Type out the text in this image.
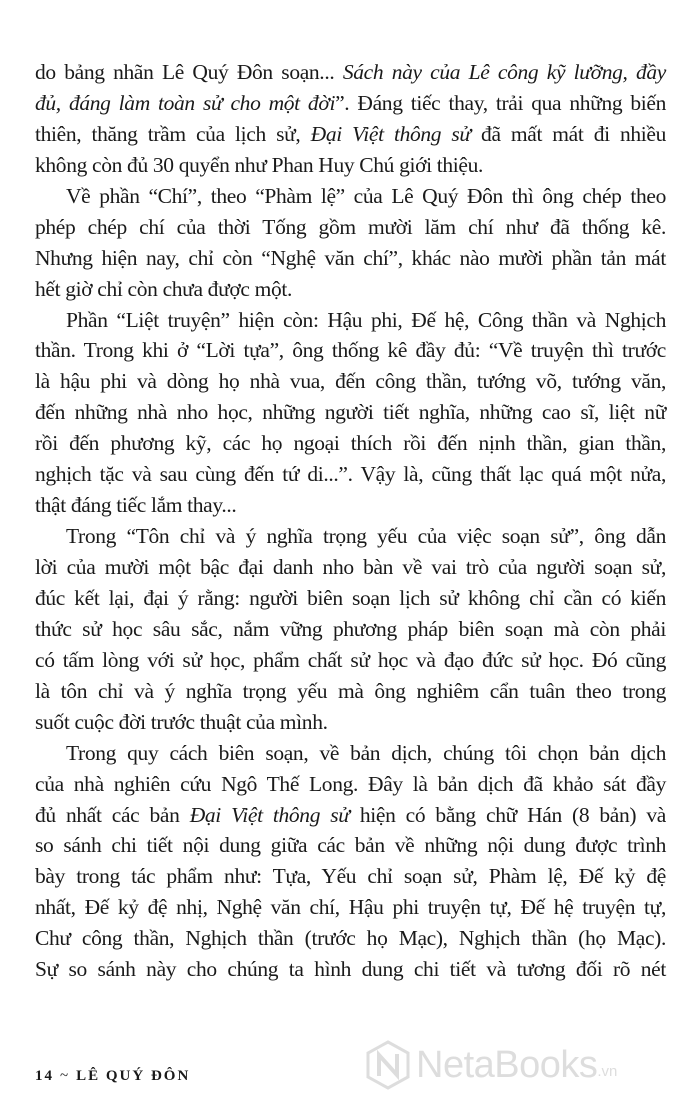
do bảng nhãn Lê Quý Đôn soạn... Sách này của Lê công kỹ lưỡng, đầy
đủ, đáng làm toàn sử cho một đời”. Đáng tiếc thay, trải qua những biến
thiên, thăng trầm của lịch sử, Đại Việt thông sử đã mất mát đi nhiều
không còn đủ 30 quyển như Phan Huy Chú giới thiệu.
Về phần “Chí”, theo “Phàm lệ” của Lê Quý Đôn thì ông chép theo
phép chép chí của thời Tống gồm mười lăm chí như đã thống kê.
Nhưng hiện nay, chỉ còn “Nghệ văn chí”, khác nào mười phần tản mát
hết giờ chỉ còn chưa được một.
Phần “Liệt truyện” hiện còn: Hậu phi, Đế hệ, Công thần và Nghịch
thần. Trong khi ở “Lời tựa”, ông thống kê đầy đủ: “Về truyện thì trước
là hậu phi và dòng họ nhà vua, đến công thần, tướng võ, tướng văn,
đến những nhà nho học, những người tiết nghĩa, những cao sĩ, liệt nữ
rồi đến phương kỹ, các họ ngoại thích rồi đến nịnh thần, gian thần,
nghịch tặc và sau cùng đến tứ di...”. Vậy là, cũng thất lạc quá một nửa,
thật đáng tiếc lắm thay...
Trong “Tôn chỉ và ý nghĩa trọng yếu của việc soạn sử”, ông dẫn
lời của mười một bậc đại danh nho bàn về vai trò của người soạn sử,
đúc kết lại, đại ý rằng: người biên soạn lịch sử không chỉ cần có kiến
thức sử học sâu sắc, nắm vững phương pháp biên soạn mà còn phải
có tấm lòng với sử học, phẩm chất sử học và đạo đức sử học. Đó cũng
là tôn chỉ và ý nghĩa trọng yếu mà ông nghiêm cẩn tuân theo trong
suốt cuộc đời trước thuật của mình.
Trong quy cách biên soạn, về bản dịch, chúng tôi chọn bản dịch
của nhà nghiên cứu Ngô Thế Long. Đây là bản dịch đã khảo sát đầy
đủ nhất các bản Đại Việt thông sử hiện có bằng chữ Hán (8 bản) và
so sánh chi tiết nội dung giữa các bản về những nội dung được trình
bày trong tác phẩm như: Tựa, Yếu chỉ soạn sử, Phàm lệ, Đế kỷ đệ
nhất, Đế kỷ đệ nhị, Nghệ văn chí, Hậu phi truyện tự, Đế hệ truyện tự,
Chư công thần, Nghịch thần (trước họ Mạc), Nghịch thần (họ Mạc).
Sự so sánh này cho chúng ta hình dung chi tiết và tương đối rõ nét
14 ~ LÊ QUÝ ĐÔN	NetaBooks .vn
